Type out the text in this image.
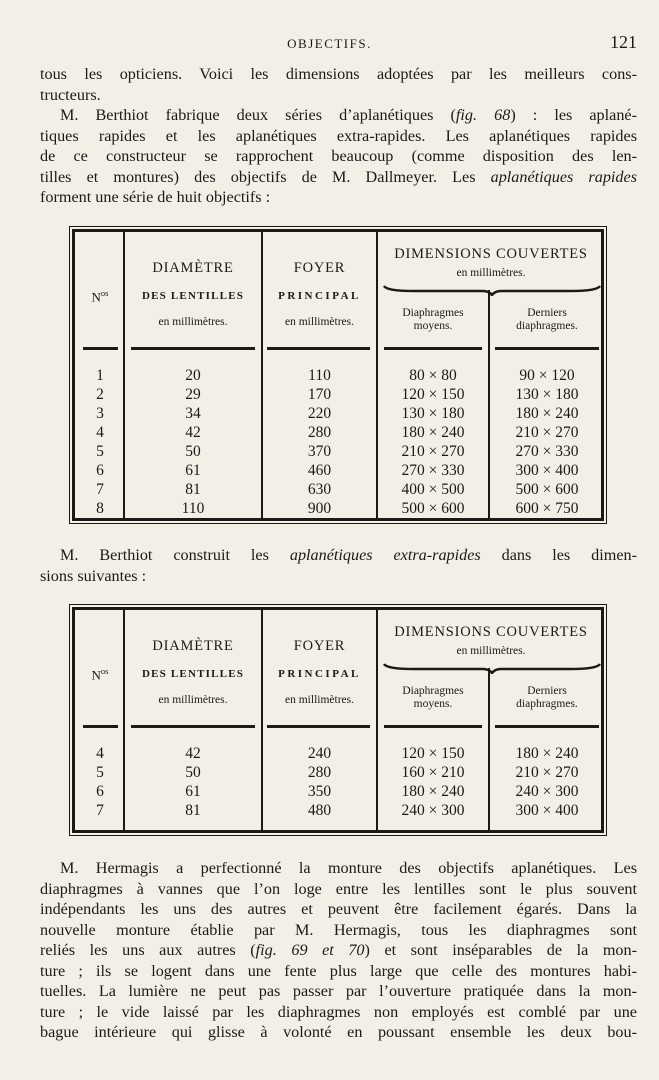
OBJECTIFS.	121
tous les opticiens. Voici les dimensions adoptées par les meilleurs cons-
tructeurs.
M. Berthiot fabrique deux séries d’aplanétiques (fig. 68) : les aplané-
tiques rapides et les aplanétiques extra-rapides. Les aplanétiques rapides
de ce constructeur se rapprochent beaucoup (comme disposition des len-
tilles et montures) des objectifs de M. Dallmeyer. Les aplanétiques rapides
forment une série de huit objectifs :
$N^{os}$
DIAMÈTRE
DES LENTILLES
en millimètres.
FOYER
PRINCIPAL
en millimètres.
DIMENSIONS COUVERTES
en millimètres.
Diaphragmes
moyens.
Derniers
diaphragmes.
1	20	110	80 × 80	90 × 120
2	29	170	120 × 150	130 × 180
3	34	220	130 × 180	180 × 240
4	42	280	180 × 240	210 × 270
5	50	370	210 × 270	270 × 330
6	61	460	270 × 330	300 × 400
7	81	630	400 × 500	500 × 600
8	110	900	500 × 600	600 × 750
M. Berthiot construit les aplanétiques extra-rapides dans les dimen-
sions suivantes :
$N^{os}$
DIAMÈTRE
DES LENTILLES
en millimètres.
FOYER
PRINCIPAL
en millimètres.
DIMENSIONS COUVERTES
en millimètres.
Diaphragmes
moyens.
Derniers
diaphragmes.
4	42	240	120 × 150	180 × 240
5	50	280	160 × 210	210 × 270
6	61	350	180 × 240	240 × 300
7	81	480	240 × 300	300 × 400
M. Hermagis a perfectionné la monture des objectifs aplanétiques. Les
diaphragmes à vannes que l’on loge entre les lentilles sont le plus souvent
indépendants les uns des autres et peuvent être facilement égarés. Dans la
nouvelle monture établie par M. Hermagis, tous les diaphragmes sont
reliés les uns aux autres (fig. 69 et 70) et sont inséparables de la mon-
ture ; ils se logent dans une fente plus large que celle des montures habi-
tuelles. La lumière ne peut pas passer par l’ouverture pratiquée dans la mon-
ture ; le vide laissé par les diaphragmes non employés est comblé par une
bague intérieure qui glisse à volonté en poussant ensemble les deux bou-
